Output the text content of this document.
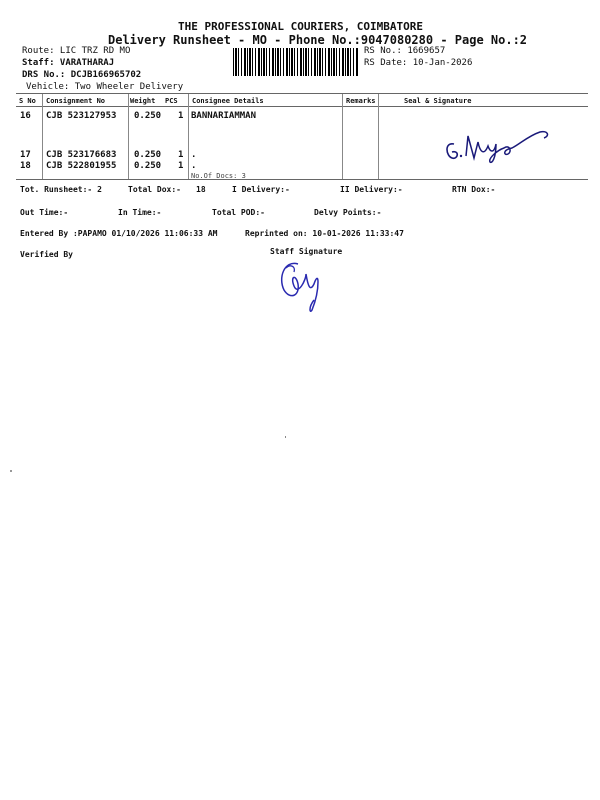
THE PROFESSIONAL COURIERS, COIMBATORE
Delivery Runsheet - MO - Phone No.:9047080280 - Page No.:2
Route: LIC TRZ RD MO
Staff: VARATHARAJ
DRS No.: DCJB166965702
Vehicle: Two Wheeler Delivery
RS No.: 1669657
RS Date: 10-Jan-2026
S No Consignment No	Weight PCS Consignee Details	Remarks	Seal & Signature
16 CJB 523127953 0.250 1 BANNARIAMMAN
17 CJB 523176683 0.250 1 .
18 CJB 522801955 0.250 1 .
No.Of Docs: 3
Tot. Runsheet:- 2	Total Dox:- 18	I Delivery:-	II Delivery:-	RTN Dox:-
Out Time:-	In Time:-	Total POD:-	Delvy Points:-
Entered By :PAPAMO 01/10/2026 11:06:33 AM	Reprinted on: 10-01-2026 11:33:47
Verified By	Staff Signature
